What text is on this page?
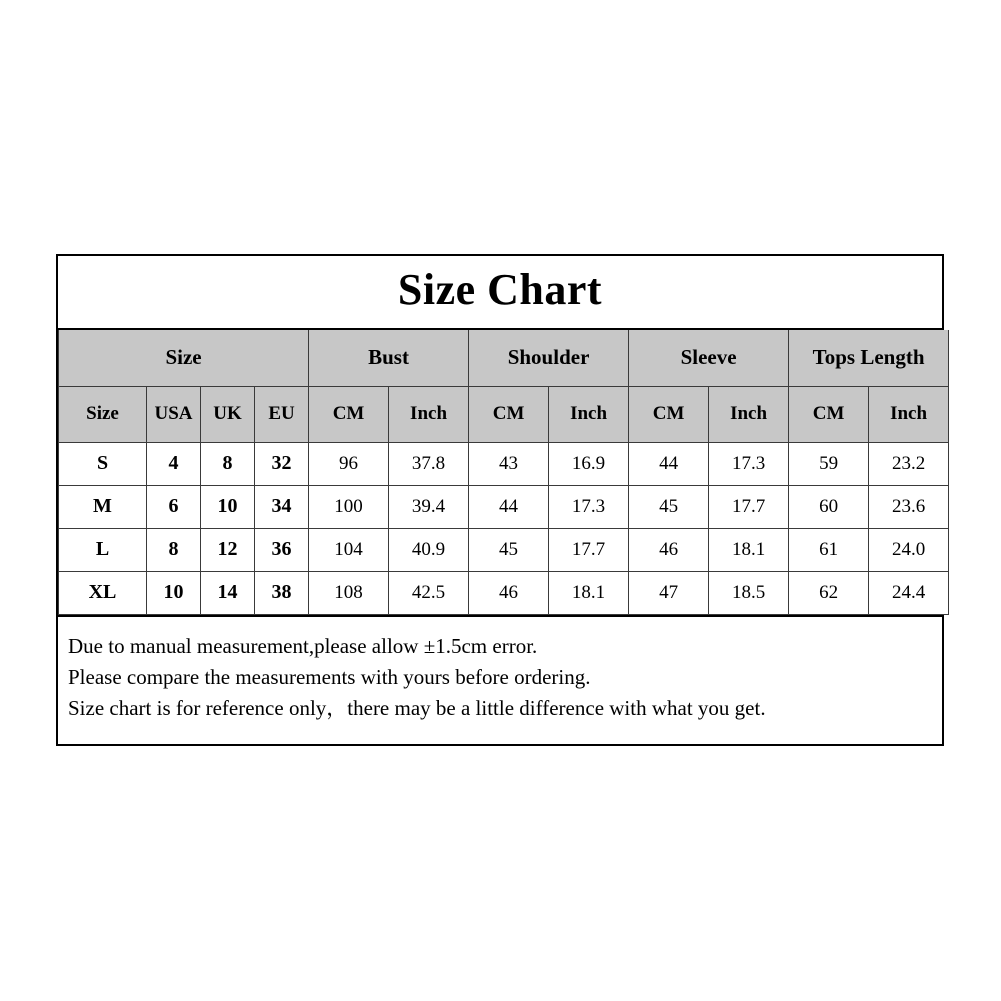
Size Chart
Size				Bust		Shoulder		Sleeve		Tops Length	
Size	USA	UK	EU	CM	Inch	CM	Inch	CM	Inch	CM	Inch
S	4	8	32	96	37.8	43	16.9	44	17.3	59	23.2
M	6	10	34	100	39.4	44	17.3	45	17.7	60	23.6
L	8	12	36	104	40.9	45	17.7	46	18.1	61	24.0
XL	10	14	38	108	42.5	46	18.1	47	18.5	62	24.4

Due to manual measurement,please allow ±1.5cm error.

Please compare the measurements with yours before ordering.

Size chart is for reference only，there may be a little difference with what you get.
